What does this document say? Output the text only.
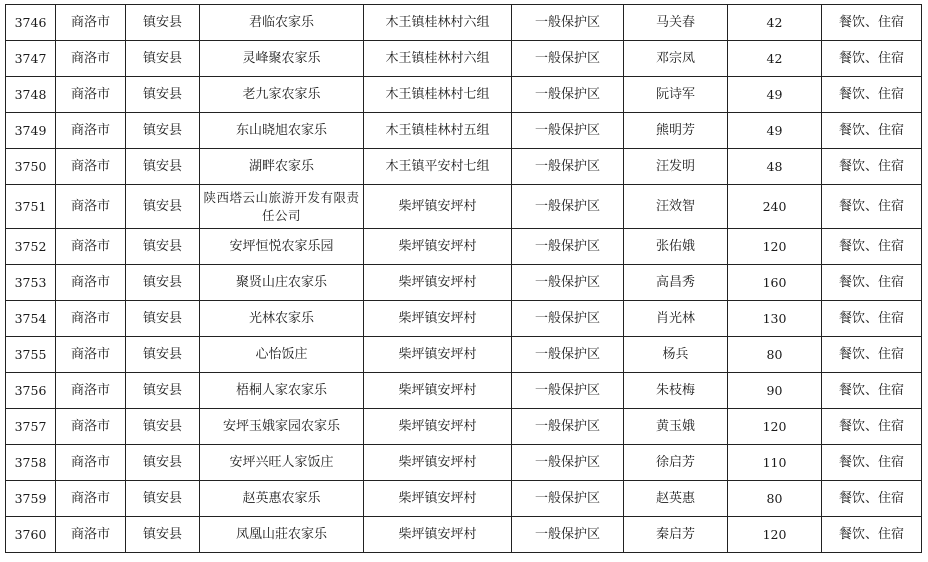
3746	商洛市	镇安县	君临农家乐	木王镇桂林村六组	一般保护区	马关春	42	餐饮、住宿
3747	商洛市	镇安县	灵峰聚农家乐	木王镇桂林村六组	一般保护区	邓宗凤	42	餐饮、住宿
3748	商洛市	镇安县	老九家农家乐	木王镇桂林村七组	一般保护区	阮诗军	49	餐饮、住宿
3749	商洛市	镇安县	东山晓旭农家乐	木王镇桂林村五组	一般保护区	熊明芳	49	餐饮、住宿
3750	商洛市	镇安县	湖畔农家乐	木王镇平安村七组	一般保护区	汪发明	48	餐饮、住宿
3751	商洛市	镇安县	陕西塔云山旅游开发有限责任公司	柴坪镇安坪村	一般保护区	汪效智	240	餐饮、住宿
3752	商洛市	镇安县	安坪恒悦农家乐园	柴坪镇安坪村	一般保护区	张佑娥	120	餐饮、住宿
3753	商洛市	镇安县	聚贤山庄农家乐	柴坪镇安坪村	一般保护区	高昌秀	160	餐饮、住宿
3754	商洛市	镇安县	光林农家乐	柴坪镇安坪村	一般保护区	肖光林	130	餐饮、住宿
3755	商洛市	镇安县	心怡饭庄	柴坪镇安坪村	一般保护区	杨兵	80	餐饮、住宿
3756	商洛市	镇安县	梧桐人家农家乐	柴坪镇安坪村	一般保护区	朱枝梅	90	餐饮、住宿
3757	商洛市	镇安县	安坪玉娥家园农家乐	柴坪镇安坪村	一般保护区	黄玉娥	120	餐饮、住宿
3758	商洛市	镇安县	安坪兴旺人家饭庄	柴坪镇安坪村	一般保护区	徐启芳	110	餐饮、住宿
3759	商洛市	镇安县	赵英惠农家乐	柴坪镇安坪村	一般保护区	赵英惠	80	餐饮、住宿
3760	商洛市	镇安县	凤凰山莊农家乐	柴坪镇安坪村	一般保护区	秦启芳	120	餐饮、住宿
